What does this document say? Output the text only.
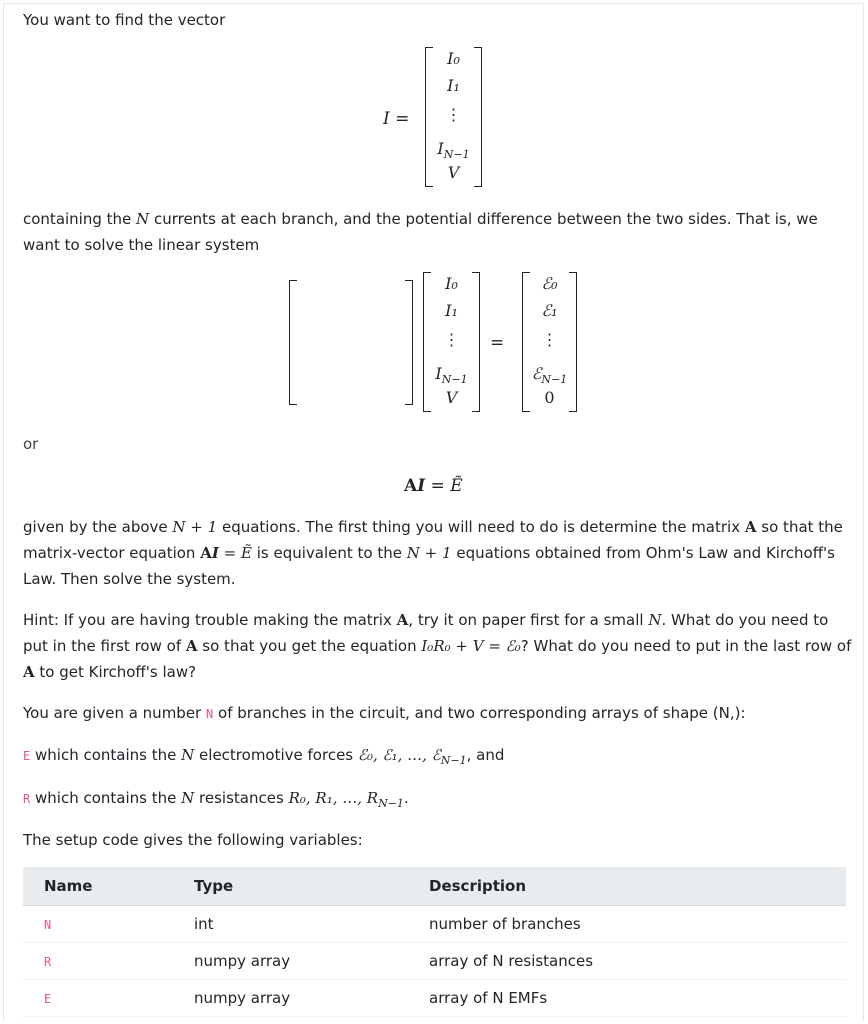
You want to find the vector
I =
I₀
I₁
⋮
$I_{N-1}$
V
containing the N currents at each branch, and the potential difference between the two sides. That is, we want to solve the linear system
I₀
I₁
⋮
$I_{N-1}$
V
=
ℰ₀
ℰ₁
⋮
ℰ$_{N-1}$
0
or
AI = Ẽ
given by the above N + 1 equations. The first thing you will need to do is determine the matrix A so that the matrix-vector equation AI = Ẽ is equivalent to the N + 1 equations obtained from Ohm's Law and Kirchoff's Law. Then solve the system.
Hint: If you are having trouble making the matrix A, try it on paper first for a small N. What do you need to put in the first row of A so that you get the equation I₀R₀ + V = ℰ₀? What do you need to put in the last row of A to get Kirchoff's law?
You are given a number N of branches in the circuit, and two corresponding arrays of shape (N,):
E which contains the N electromotive forces ℰ₀, ℰ₁, …, ℰ$_{N-1}$, and
R which contains the N resistances R₀, R₁, …, $R_{N-1}$.
The setup code gives the following variables:
Name	Type	Description
N	int	number of branches
R	numpy array	array of N resistances
E	numpy array	array of N EMFs
